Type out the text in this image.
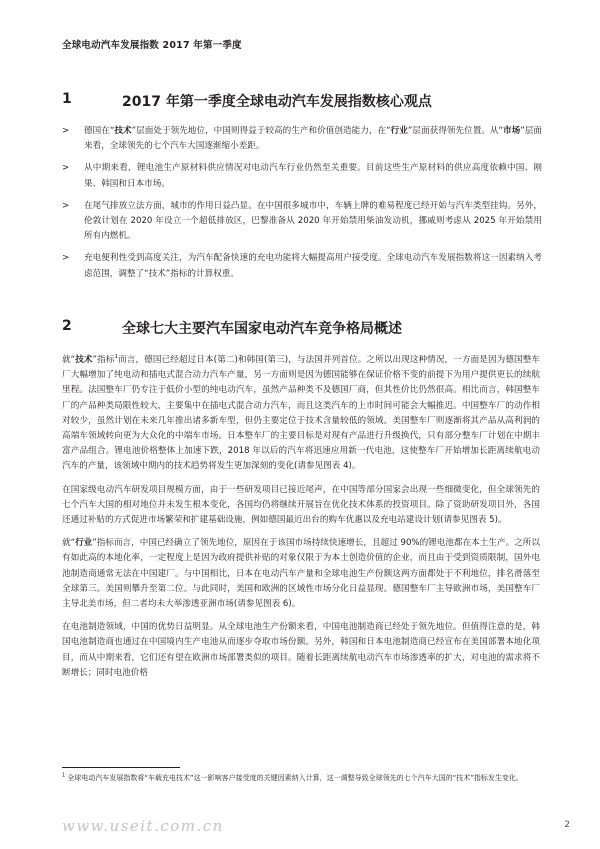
全球电动汽车发展指数 2017 年第一季度
1	2017 年第一季度全球电动汽车发展指数核心观点
> 德国在“技术”层面处于领先地位，中国则得益于较高的生产和价值创造能力，在“行业”层面获得领先位置。从“市场”层面来看，全球领先的七个汽车大国逐渐缩小差距。
> 从中期来看，锂电池生产原材料供应情况对电动汽车行业仍然至关重要。目前这些生产原材料的供应高度依赖中国、刚果、韩国和日本市场。
> 在尾气排放立法方面，城市的作用日益凸显。在中国很多城市中，车辆上牌的难易程度已经开始与汽车类型挂钩。另外，伦敦计划在 2020 年设立一个超低排放区，巴黎准备从 2020 年开始禁用柴油发动机，挪威则考虑从 2025 年开始禁用所有内燃机。
> 充电便利性受到高度关注，为汽车配备快速的充电功能将大幅提高用户接受度。全球电动汽车发展指数将这一因素纳入考虑范围，调整了“技术”指标的计算权重。
2	全球七大主要汽车国家电动汽车竞争格局概述

就“技术”指标$^1$而言，德国已经超过日本(第二)和韩国(第三)，与法国并列首位。之所以出现这种情况，一方面是因为德国整车厂大幅增加了纯电动和插电式混合动力汽车产量，另一方面则是因为德国能够在保证价格不变的前提下为用户提供更长的续航里程。法国整车厂仍专注于低价小型的纯电动汽车，虽然产品种类不及德国厂商，但其性价比仍然很高。相比而言，韩国整车厂的产品种类局限性较大，主要集中在插电式混合动力汽车，而且这类汽车的上市时间可能会大幅推迟。中国整车厂的动作相对较少，虽然计划在未来几年推出诸多新车型，但仍主要定位于技术含量较低的领域。美国整车厂则逐渐将其产品从高利润的高端车领域转向更为大众化的中端车市场。日本整车厂的主要目标是对现有产品进行升级换代，只有部分整车厂计划在中期丰富产品组合。锂电池价格整体上加速下跌，2018 年以后的汽车将迅速应用新一代电池，这使整车厂开始增加长距离续航电动汽车的产量，该领域中期内的技术趋势将发生更加深刻的变化(请参见图表 4)。

在国家级电动汽车研发项目规模方面，由于一些研发项目已接近尾声，在中国等部分国家会出现一些细微变化，但全球领先的七个汽车大国的相对地位并未发生根本变化，各国均仍将继续开展旨在优化技术体系的投资项目。除了资助研发项目外，各国还通过补贴的方式促进市场繁荣和扩建基础设施，例如德国最近出台的购车优惠以及充电站建设计划(请参见图表 5)。

就“行业”指标而言，中国已经确立了领先地位，原因在于该国市场持续快速增长，且超过 90%的锂电池都在本土生产。之所以有如此高的本地化率，一定程度上是因为政府提供补贴的对象仅限于为本土创造价值的企业，而且由于受到资质限制，国外电池制造商通常无法在中国建厂。与中国相比，日本在电动汽车产量和全球电池生产份额这两方面都处于不利地位，排名滑落至全球第三。美国则攀升至第二位。与此同时，美国和欧洲的区域性市场分化日益显现。德国整车厂主导欧洲市场，美国整车厂主导北美市场，但二者均未大举渗透亚洲市场(请参见图表 6)。

在电池制造领域，中国的优势日益明显。从全球电池生产份额来看，中国电池制造商已经处于领先地位。但值得注意的是，韩国电池制造商也通过在中国境内生产电池从而逐步夺取市场份额。另外，韩国和日本电池制造商已经宣布在美国部署本地化项目，而从中期来看，它们还有望在欧洲市场部署类似的项目。随着长距离续航电动汽车市场渗透率的扩大，对电池的需求将不断增长；同时电池价格

$^1$ 全球电动汽车发展指数将“车载充电技术”这一影响客户接受度的关键因素纳入计算，这一调整导致全球领先的七个汽车大国的“技术”指标发生变化。
www.useit.com.cn	2
